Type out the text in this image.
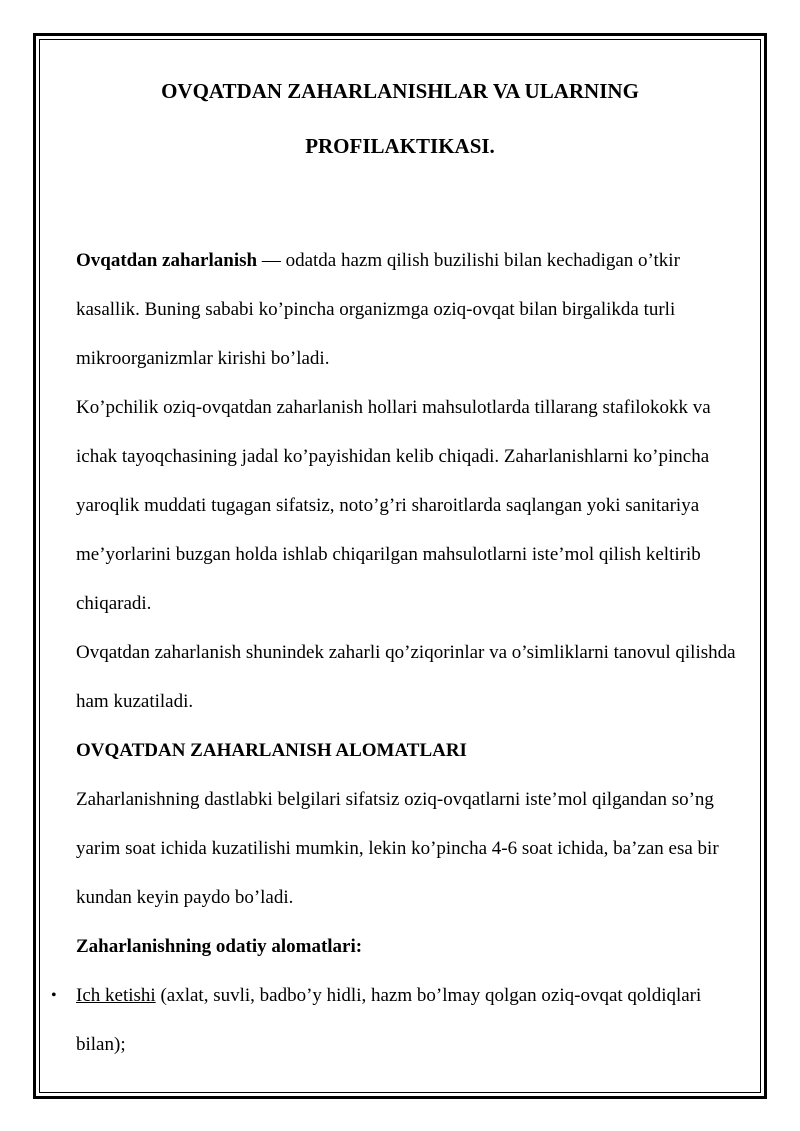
OVQATDAN ZAHARLANISHLAR VA ULARNING
PROFILAKTIKASI.

Ovqatdan zaharlanish — odatda hazm qilish buzilishi bilan kechadigan o’tkir kasallik. Buning sababi ko’pincha organizmga oziq-ovqat bilan birgalikda turli mikroorganizmlar kirishi bo’ladi.

Ko’pchilik oziq-ovqatdan zaharlanish hollari mahsulotlarda tillarang stafilokokk va ichak tayoqchasining jadal ko’payishidan kelib chiqadi. Zaharlanishlarni ko’pincha yaroqlik muddati tugagan sifatsiz, noto’g’ri sharoitlarda saqlangan yoki sanitariya me’yorlarini buzgan holda ishlab chiqarilgan mahsulotlarni iste’mol qilish keltirib chiqaradi.

Ovqatdan zaharlanish shunindek zaharli qo’ziqorinlar va o’simliklarni tanovul qilishda ham kuzatiladi.

OVQATDAN ZAHARLANISH ALOMATLARI

Zaharlanishning dastlabki belgilari sifatsiz oziq-ovqatlarni iste’mol qilgandan so’ng yarim soat ichida kuzatilishi mumkin, lekin ko’pincha 4-6 soat ichida, ba’zan esa bir kundan keyin paydo bo’ladi.

Zaharlanishning odatiy alomatlari:

• Ich ketishi (axlat, suvli, badbo’y hidli, hazm bo’lmay qolgan oziq-ovqat qoldiqlari bilan);
